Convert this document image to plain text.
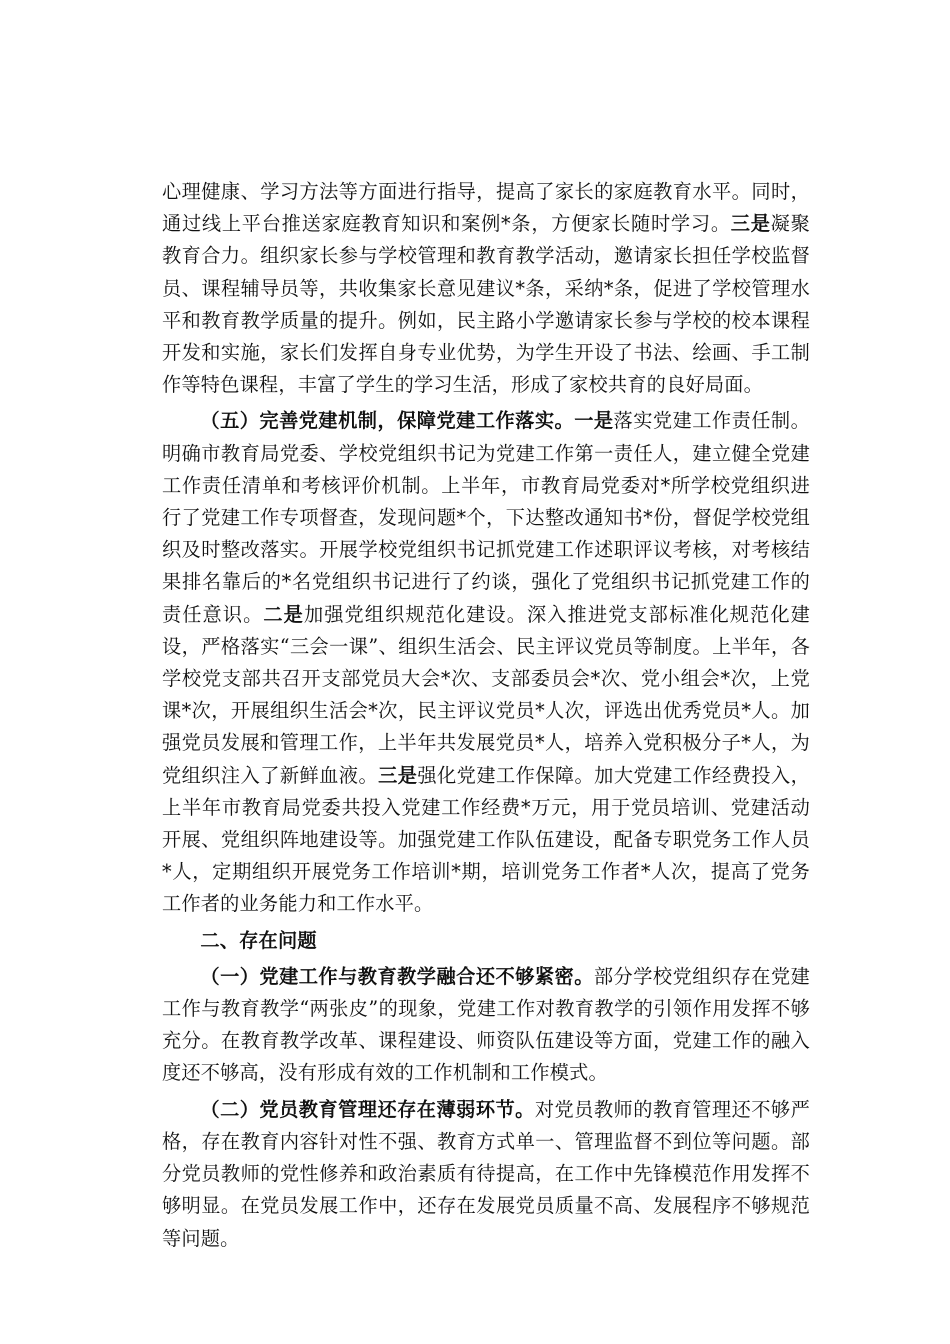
心理健康、学习方法等方面进行指导，提高了家长的家庭教育水平。同时，通过线上平台推送家庭教育知识和案例*条，方便家长随时学习。三是凝聚教育合力。组织家长参与学校管理和教育教学活动，邀请家长担任学校监督员、课程辅导员等，共收集家长意见建议*条，采纳*条，促进了学校管理水平和教育教学质量的提升。例如，民主路小学邀请家长参与学校的校本课程开发和实施，家长们发挥自身专业优势，为学生开设了书法、绘画、手工制作等特色课程，丰富了学生的学习生活，形成了家校共育的良好局面。

（五）完善党建机制，保障党建工作落实。一是落实党建工作责任制。明确市教育局党委、学校党组织书记为党建工作第一责任人，建立健全党建工作责任清单和考核评价机制。上半年，市教育局党委对*所学校党组织进行了党建工作专项督查，发现问题*个，下达整改通知书*份，督促学校党组织及时整改落实。开展学校党组织书记抓党建工作述职评议考核，对考核结果排名靠后的*名党组织书记进行了约谈，强化了党组织书记抓党建工作的责任意识。二是加强党组织规范化建设。深入推进党支部标准化规范化建设，严格落实“三会一课”、组织生活会、民主评议党员等制度。上半年，各学校党支部共召开支部党员大会*次、支部委员会*次、党小组会*次，上党课*次，开展组织生活会*次，民主评议党员*人次，评选出优秀党员*人。加强党员发展和管理工作，上半年共发展党员*人，培养入党积极分子*人，为党组织注入了新鲜血液。三是强化党建工作保障。加大党建工作经费投入，上半年市教育局党委共投入党建工作经费*万元，用于党员培训、党建活动开展、党组织阵地建设等。加强党建工作队伍建设，配备专职党务工作人员*人，定期组织开展党务工作培训*期，培训党务工作者*人次，提高了党务工作者的业务能力和工作水平。

二、存在问题

（一）党建工作与教育教学融合还不够紧密。部分学校党组织存在党建工作与教育教学“两张皮”的现象，党建工作对教育教学的引领作用发挥不够充分。在教育教学改革、课程建设、师资队伍建设等方面，党建工作的融入度还不够高，没有形成有效的工作机制和工作模式。

（二）党员教育管理还存在薄弱环节。对党员教师的教育管理还不够严格，存在教育内容针对性不强、教育方式单一、管理监督不到位等问题。部分党员教师的党性修养和政治素质有待提高，在工作中先锋模范作用发挥不够明显。在党员发展工作中，还存在发展党员质量不高、发展程序不够规范等问题。
